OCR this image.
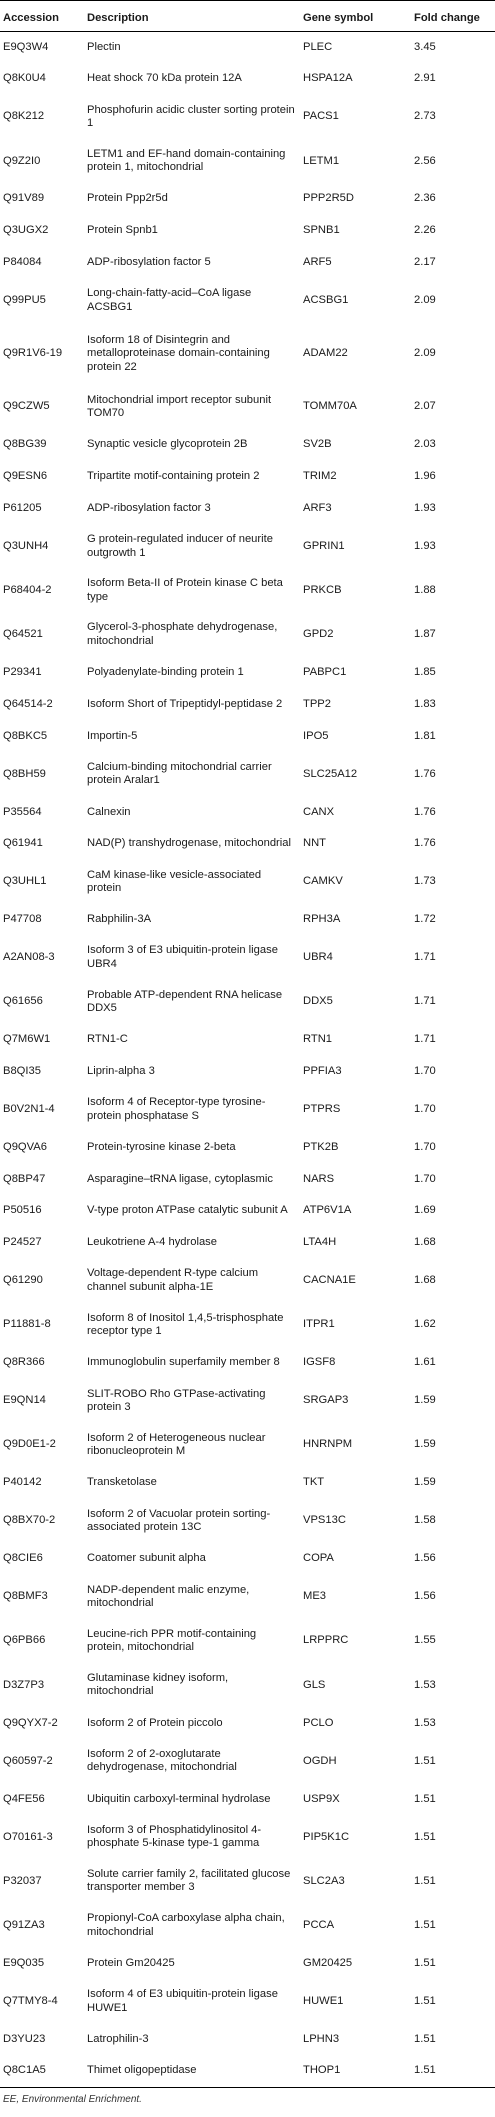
Accession	Description	Gene symbol	Fold change
E9Q3W4	Plectin	PLEC	3.45
Q8K0U4	Heat shock 70 kDa protein 12A	HSPA12A	2.91
Q8K212	Phosphofurin acidic cluster sorting protein 1	PACS1	2.73
Q9Z2I0	LETM1 and EF-hand domain-containing protein 1, mitochondrial	LETM1	2.56
Q91V89	Protein Ppp2r5d	PPP2R5D	2.36
Q3UGX2	Protein Spnb1	SPNB1	2.26
P84084	ADP-ribosylation factor 5	ARF5	2.17
Q99PU5	Long-chain-fatty-acid–CoA ligase ACSBG1	ACSBG1	2.09
Q9R1V6-19	Isoform 18 of Disintegrin and metalloproteinase domain-containing protein 22	ADAM22	2.09
Q9CZW5	Mitochondrial import receptor subunit TOM70	TOMM70A	2.07
Q8BG39	Synaptic vesicle glycoprotein 2B	SV2B	2.03
Q9ESN6	Tripartite motif-containing protein 2	TRIM2	1.96
P61205	ADP-ribosylation factor 3	ARF3	1.93
Q3UNH4	G protein-regulated inducer of neurite outgrowth 1	GPRIN1	1.93
P68404-2	Isoform Beta-II of Protein kinase C beta type	PRKCB	1.88
Q64521	Glycerol-3-phosphate dehydrogenase, mitochondrial	GPD2	1.87
P29341	Polyadenylate-binding protein 1	PABPC1	1.85
Q64514-2	Isoform Short of Tripeptidyl-peptidase 2	TPP2	1.83
Q8BKC5	Importin-5	IPO5	1.81
Q8BH59	Calcium-binding mitochondrial carrier protein Aralar1	SLC25A12	1.76
P35564	Calnexin	CANX	1.76
Q61941	NAD(P) transhydrogenase, mitochondrial	NNT	1.76
Q3UHL1	CaM kinase-like vesicle-associated protein	CAMKV	1.73
P47708	Rabphilin-3A	RPH3A	1.72
A2AN08-3	Isoform 3 of E3 ubiquitin-protein ligase UBR4	UBR4	1.71
Q61656	Probable ATP-dependent RNA helicase DDX5	DDX5	1.71
Q7M6W1	RTN1-C	RTN1	1.71
B8QI35	Liprin-alpha 3	PPFIA3	1.70
B0V2N1-4	Isoform 4 of Receptor-type tyrosine-protein phosphatase S	PTPRS	1.70
Q9QVA6	Protein-tyrosine kinase 2-beta	PTK2B	1.70
Q8BP47	Asparagine–tRNA ligase, cytoplasmic	NARS	1.70
P50516	V-type proton ATPase catalytic subunit A	ATP6V1A	1.69
P24527	Leukotriene A-4 hydrolase	LTA4H	1.68
Q61290	Voltage-dependent R-type calcium channel subunit alpha-1E	CACNA1E	1.68
P11881-8	Isoform 8 of Inositol 1,4,5-trisphosphate receptor type 1	ITPR1	1.62
Q8R366	Immunoglobulin superfamily member 8	IGSF8	1.61
E9QN14	SLIT-ROBO Rho GTPase-activating protein 3	SRGAP3	1.59
Q9D0E1-2	Isoform 2 of Heterogeneous nuclear ribonucleoprotein M	HNRNPM	1.59
P40142	Transketolase	TKT	1.59
Q8BX70-2	Isoform 2 of Vacuolar protein sorting-associated protein 13C	VPS13C	1.58
Q8CIE6	Coatomer subunit alpha	COPA	1.56
Q8BMF3	NADP-dependent malic enzyme, mitochondrial	ME3	1.56
Q6PB66	Leucine-rich PPR motif-containing protein, mitochondrial	LRPPRC	1.55
D3Z7P3	Glutaminase kidney isoform, mitochondrial	GLS	1.53
Q9QYX7-2	Isoform 2 of Protein piccolo	PCLO	1.53
Q60597-2	Isoform 2 of 2-oxoglutarate dehydrogenase, mitochondrial	OGDH	1.51
Q4FE56	Ubiquitin carboxyl-terminal hydrolase	USP9X	1.51
O70161-3	Isoform 3 of Phosphatidylinositol 4-phosphate 5-kinase type-1 gamma	PIP5K1C	1.51
P32037	Solute carrier family 2, facilitated glucose transporter member 3	SLC2A3	1.51
Q91ZA3	Propionyl-CoA carboxylase alpha chain, mitochondrial	PCCA	1.51
E9Q035	Protein Gm20425	GM20425	1.51
Q7TMY8-4	Isoform 4 of E3 ubiquitin-protein ligase HUWE1	HUWE1	1.51
D3YU23	Latrophilin-3	LPHN3	1.51
Q8C1A5	Thimet oligopeptidase	THOP1	1.51
EE, Environmental Enrichment.
